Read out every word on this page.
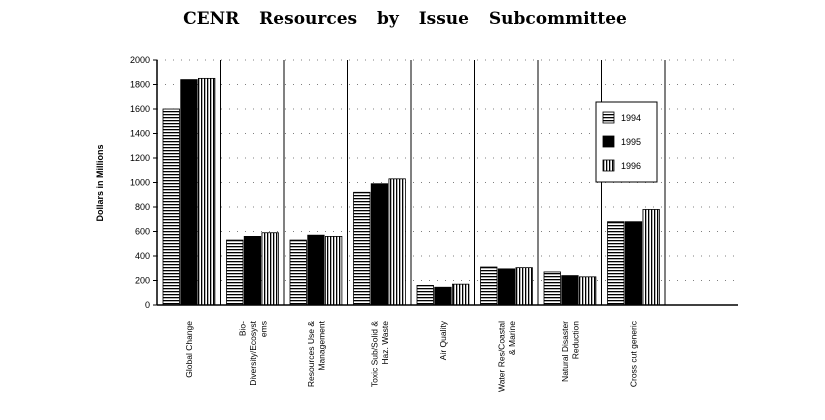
CENR Resources by Issue Subcommittee
0
200
400
600
800
1000
1200
1400
1600
1800
2000
Global Change	Bio- Diversity/Ecosyst ems	Resources Use & Management	Toxic Sub/Solid & Haz. Waste	Air Quality	Water Res/Coastal & Marine	Natural Disaster Reduction	Cross cut generic
Dollars in Millions
1994
1995
1996
